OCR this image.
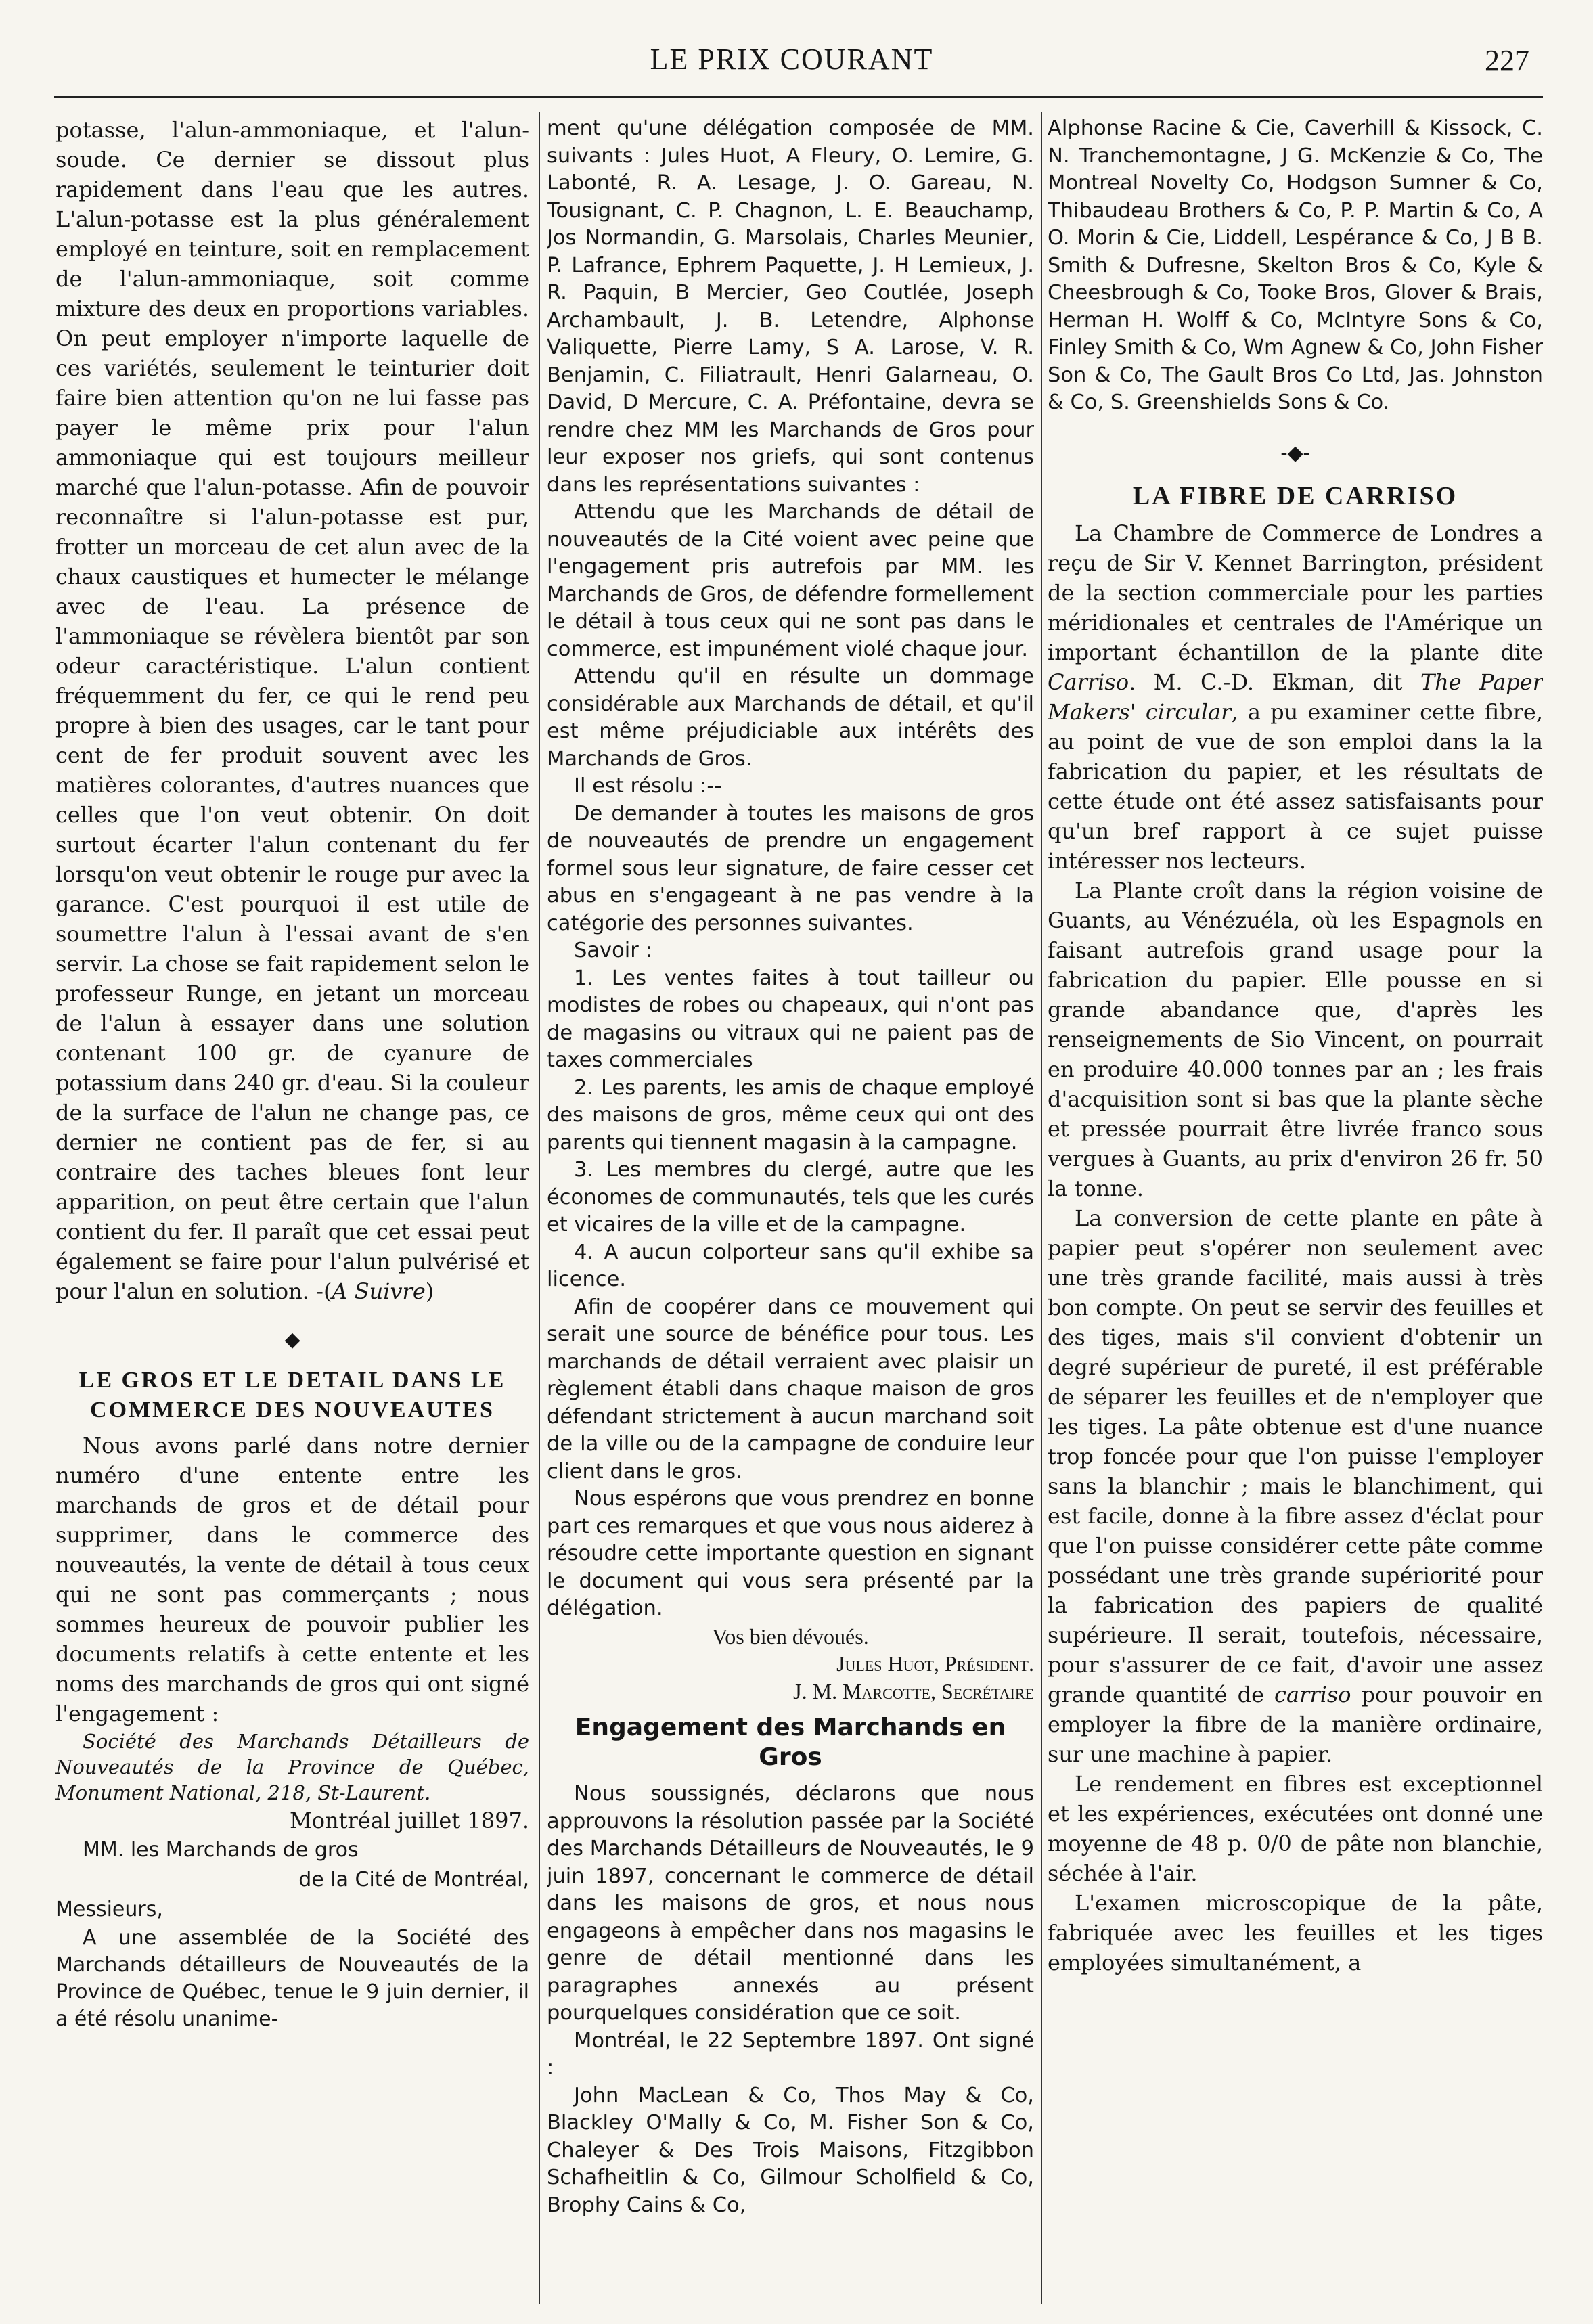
LE PRIX COURANT	227

potasse, l'alun-ammoniaque, et l'alun-soude. Ce dernier se dissout plus rapidement dans l'eau que les autres. L'alun-potasse est la plus généralement employé en teinture, soit en remplacement de l'alun-ammoniaque, soit comme mixture des deux en proportions variables. On peut employer n'importe laquelle de ces variétés, seulement le teinturier doit faire bien attention qu'on ne lui fasse pas payer le même prix pour l'alun ammoniaque qui est toujours meilleur marché que l'alun-potasse. Afin de pouvoir reconnaître si l'alun-potasse est pur, frotter un morceau de cet alun avec de la chaux caustiques et humecter le mélange avec de l'eau. La présence de l'ammoniaque se révèlera bientôt par son odeur caractéristique. L'alun contient fréquemment du fer, ce qui le rend peu propre à bien des usages, car le tant pour cent de fer produit souvent avec les matières colorantes, d'autres nuances que celles que l'on veut obtenir. On doit surtout écarter l'alun contenant du fer lorsqu'on veut obtenir le rouge pur avec la garance. C'est pourquoi il est utile de soumettre l'alun à l'essai avant de s'en servir. La chose se fait rapidement selon le professeur Runge, en jetant un morceau de l'alun à essayer dans une solution contenant 100 gr. de cyanure de potassium dans 240 gr. d'eau. Si la couleur de la surface de l'alun ne change pas, ce dernier ne contient pas de fer, si au contraire des taches bleues font leur apparition, on peut être certain que l'alun contient du fer. Il paraît que cet essai peut également se faire pour l'alun pulvérisé et pour l'alun en solution. -(A Suivre)

◆
LE GROS ET LE DETAIL DANS LE COMMERCE DES NOUVEAUTES

Nous avons parlé dans notre dernier numéro d'une entente entre les marchands de gros et de détail pour supprimer, dans le commerce des nouveautés, la vente de détail à tous ceux qui ne sont pas commerçants ; nous sommes heureux de pouvoir publier les documents relatifs à cette entente et les noms des marchands de gros qui ont signé l'engagement :

Société des Marchands Détailleurs de Nouveautés de la Province de Québec, Monument National, 218, St-Laurent.

Montréal juillet 1897.

MM. les Marchands de gros

de la Cité de Montréal,

Messieurs,

A une assemblée de la Société des Marchands détailleurs de Nouveautés de la Province de Québec, tenue le 9 juin dernier, il a été résolu unanime-

ment qu'une délégation composée de MM. suivants : Jules Huot, A Fleury, O. Lemire, G. Labonté, R. A. Lesage, J. O. Gareau, N. Tousignant, C. P. Chagnon, L. E. Beauchamp, Jos Normandin, G. Marsolais, Charles Meunier, P. Lafrance, Ephrem Paquette, J. H Lemieux, J. R. Paquin, B Mercier, Geo Coutlée, Joseph Archambault, J. B. Letendre, Alphonse Valiquette, Pierre Lamy, S A. Larose, V. R. Benjamin, C. Filiatrault, Henri Galarneau, O. David, D Mercure, C. A. Préfontaine, devra se rendre chez MM les Marchands de Gros pour leur exposer nos griefs, qui sont contenus dans les représentations suivantes :

Attendu que les Marchands de détail de nouveautés de la Cité voient avec peine que l'engagement pris autrefois par MM. les Marchands de Gros, de défendre formellement le détail à tous ceux qui ne sont pas dans le commerce, est impunément violé chaque jour.

Attendu qu'il en résulte un dommage considérable aux Marchands de détail, et qu'il est même préjudiciable aux intérêts des Marchands de Gros.

Il est résolu :--

De demander à toutes les maisons de gros de nouveautés de prendre un engagement formel sous leur signature, de faire cesser cet abus en s'engageant à ne pas vendre à la catégorie des personnes suivantes.

Savoir :

1. Les ventes faites à tout tailleur ou modistes de robes ou chapeaux, qui n'ont pas de magasins ou vitraux qui ne paient pas de taxes commerciales

2. Les parents, les amis de chaque employé des maisons de gros, même ceux qui ont des parents qui tiennent magasin à la campagne.

3. Les membres du clergé, autre que les économes de communautés, tels que les curés et vicaires de la ville et de la campagne.

4. A aucun colporteur sans qu'il exhibe sa licence.

Afin de coopérer dans ce mouvement qui serait une source de bénéfice pour tous. Les marchands de détail verraient avec plaisir un règlement établi dans chaque maison de gros défendant strictement à aucun marchand soit de la ville ou de la campagne de conduire leur client dans le gros.

Nous espérons que vous prendrez en bonne part ces remarques et que vous nous aiderez à résoudre cette importante question en signant le document qui vous sera présenté par la délégation.

Vos bien dévoués.

Jules Huot, Président.

J. M. Marcotte, Secrétaire

Engagement des Marchands en Gros

Nous soussignés, déclarons que nous approuvons la résolution passée par la Société des Marchands Détailleurs de Nouveautés, le 9 juin 1897, concernant le commerce de détail dans les maisons de gros, et nous nous engageons à empêcher dans nos magasins le genre de détail mentionné dans les paragraphes annexés au présent pourquelques considération que ce soit.

Montréal, le 22 Septembre 1897. Ont signé :

John MacLean & Co, Thos May & Co, Blackley O'Mally & Co, M. Fisher Son & Co, Chaleyer & Des Trois Maisons, Fitzgibbon Schafheitlin & Co, Gilmour Scholfield & Co, Brophy Cains & Co,

Alphonse Racine & Cie, Caverhill & Kissock, C. N. Tranchemontagne, J G. McKenzie & Co, The Montreal Novelty Co, Hodgson Sumner & Co, Thibaudeau Brothers & Co, P. P. Martin & Co, A O. Morin & Cie, Liddell, Lespérance & Co, J B B. Smith & Dufresne, Skelton Bros & Co, Kyle & Cheesbrough & Co, Tooke Bros, Glover & Brais, Herman H. Wolff & Co, McIntyre Sons & Co, Finley Smith & Co, Wm Agnew & Co, John Fisher Son & Co, The Gault Bros Co Ltd, Jas. Johnston & Co, S. Greenshields Sons & Co.

-◆-
LA FIBRE DE CARRISO

La Chambre de Commerce de Londres a reçu de Sir V. Kennet Barrington, président de la section commerciale pour les parties méridionales et centrales de l'Amérique un important échantillon de la plante dite Carriso. M. C.-D. Ekman, dit The Paper Makers' circular, a pu examiner cette fibre, au point de vue de son emploi dans la la fabrication du papier, et les résultats de cette étude ont été assez satisfaisants pour qu'un bref rapport à ce sujet puisse intéresser nos lecteurs.

La Plante croît dans la région voisine de Guants, au Vénézuéla, où les Espagnols en faisant autrefois grand usage pour la fabrication du papier. Elle pousse en si grande abandance que, d'après les renseignements de Sio Vincent, on pourrait en produire 40.000 tonnes par an ; les frais d'acquisition sont si bas que la plante sèche et pressée pourrait être livrée franco sous vergues à Guants, au prix d'environ 26 fr. 50 la tonne.

La conversion de cette plante en pâte à papier peut s'opérer non seulement avec une très grande facilité, mais aussi à très bon compte. On peut se servir des feuilles et des tiges, mais s'il convient d'obtenir un degré supérieur de pureté, il est préférable de séparer les feuilles et de n'employer que les tiges. La pâte obtenue est d'une nuance trop foncée pour que l'on puisse l'employer sans la blanchir ; mais le blanchiment, qui est facile, donne à la fibre assez d'éclat pour que l'on puisse considérer cette pâte comme possédant une très grande supériorité pour la fabrication des papiers de qualité supérieure. Il serait, toutefois, nécessaire, pour s'assurer de ce fait, d'avoir une assez grande quantité de carriso pour pouvoir en employer la fibre de la manière ordinaire, sur une machine à papier.

Le rendement en fibres est exceptionnel et les expériences, exécutées ont donné une moyenne de 48 p. 0/0 de pâte non blanchie, séchée à l'air.

L'examen microscopique de la pâte, fabriquée avec les feuilles et les tiges employées simultanément, a
